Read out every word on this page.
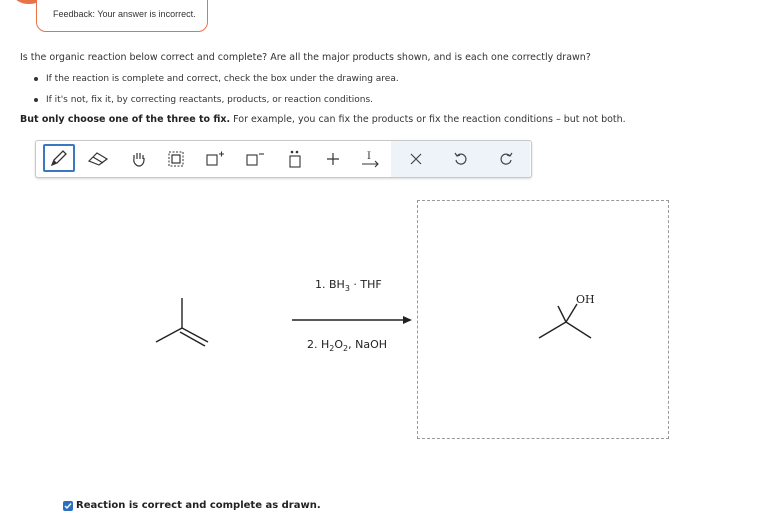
Feedback: Your answer is incorrect.
Is the organic reaction below correct and complete? Are all the major products shown, and is each one correctly drawn?
If the reaction is complete and correct, check the box under the drawing area.
If it's not, fix it, by correcting reactants, products, or reaction conditions.
But only choose one of the three to fix. For example, you can fix the products or fix the reaction conditions – but not both.
I
1. $BH_3$ · THF
2. $H_2O_2$, NaOH
OH
Reaction is correct and complete as drawn.
